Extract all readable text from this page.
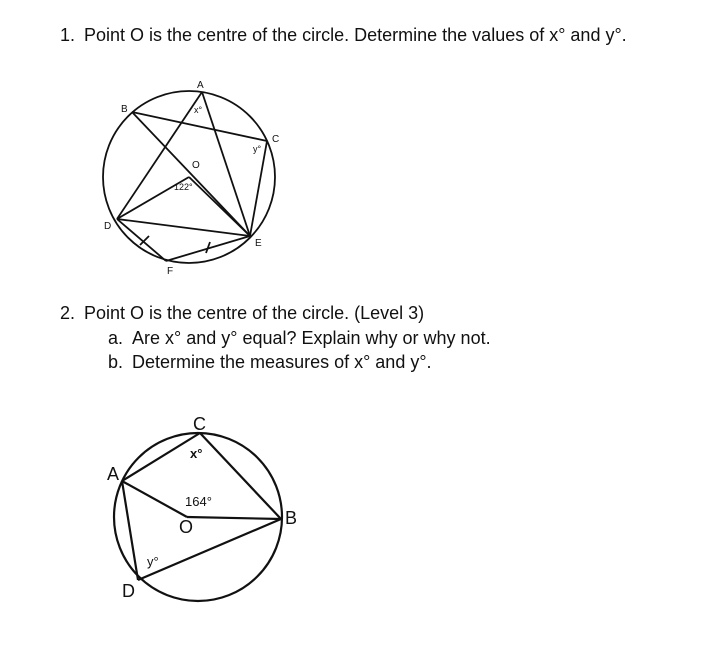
1. Point O is the centre of the circle. Determine the values of x° and y°.
2. Point O is the centre of the circle. (Level 3)
a. Are x° and y° equal? Explain why or why not.
b. Determine the measures of x° and y°.
A
B
C
D
E
F
O
x°
y°
122°
A
B
C
D
O
x°
y°
164°
